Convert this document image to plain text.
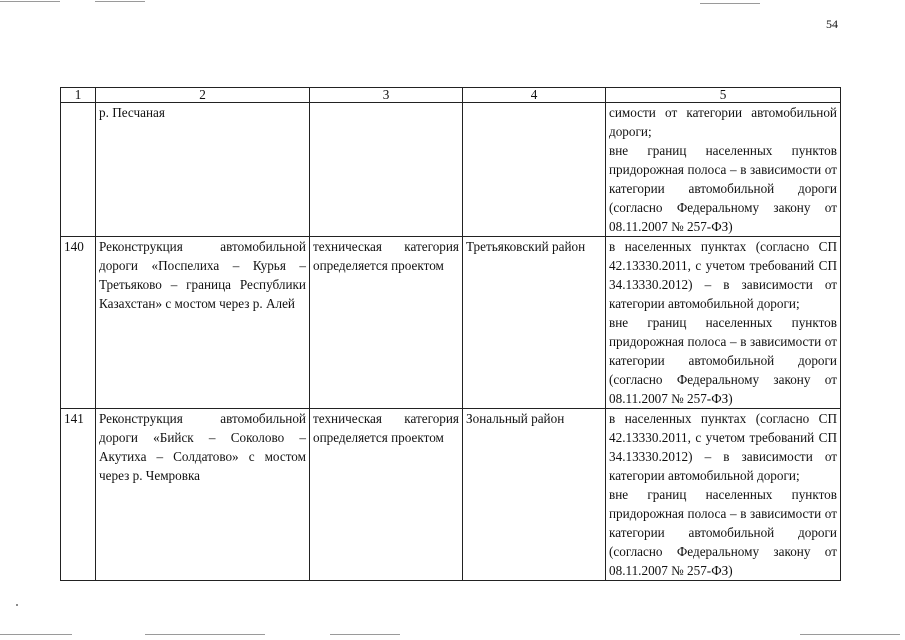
54
1	2	3	4	5

	р. Песчаная			симости от категории автомобильной дороги;
вне границ населенных пунктов придорожная полоса – в зависимости от категории автомобильной дороги (согласно Федеральному закону от 08.11.2007 № 257-ФЗ)

140	Реконструкция автомобильной дороги «Поспелиха – Курья – Третьяково – граница Республики Казахстан» с мостом через р. Алей	техническая категория определяется проектом	Третьяковский район	в населенных пунктах (согласно СП 42.13330.2011, с учетом требований СП 34.13330.2012) – в зависимости от категории автомобильной дороги;
вне границ населенных пунктов придорожная полоса – в зависимости от категории автомобильной дороги (согласно Федеральному закону от 08.11.2007 № 257-ФЗ)

141	Реконструкция автомобильной дороги «Бийск – Соколово – Акутиха – Солдатово» с мостом через р. Чемровка	техническая категория определяется проектом	Зональный район	в населенных пунктах (согласно СП 42.13330.2011, с учетом требований СП 34.13330.2012) – в зависимости от категории автомобильной дороги;
вне границ населенных пунктов придорожная полоса – в зависимости от категории автомобильной дороги (согласно Федеральному закону от 08.11.2007 № 257-ФЗ)
